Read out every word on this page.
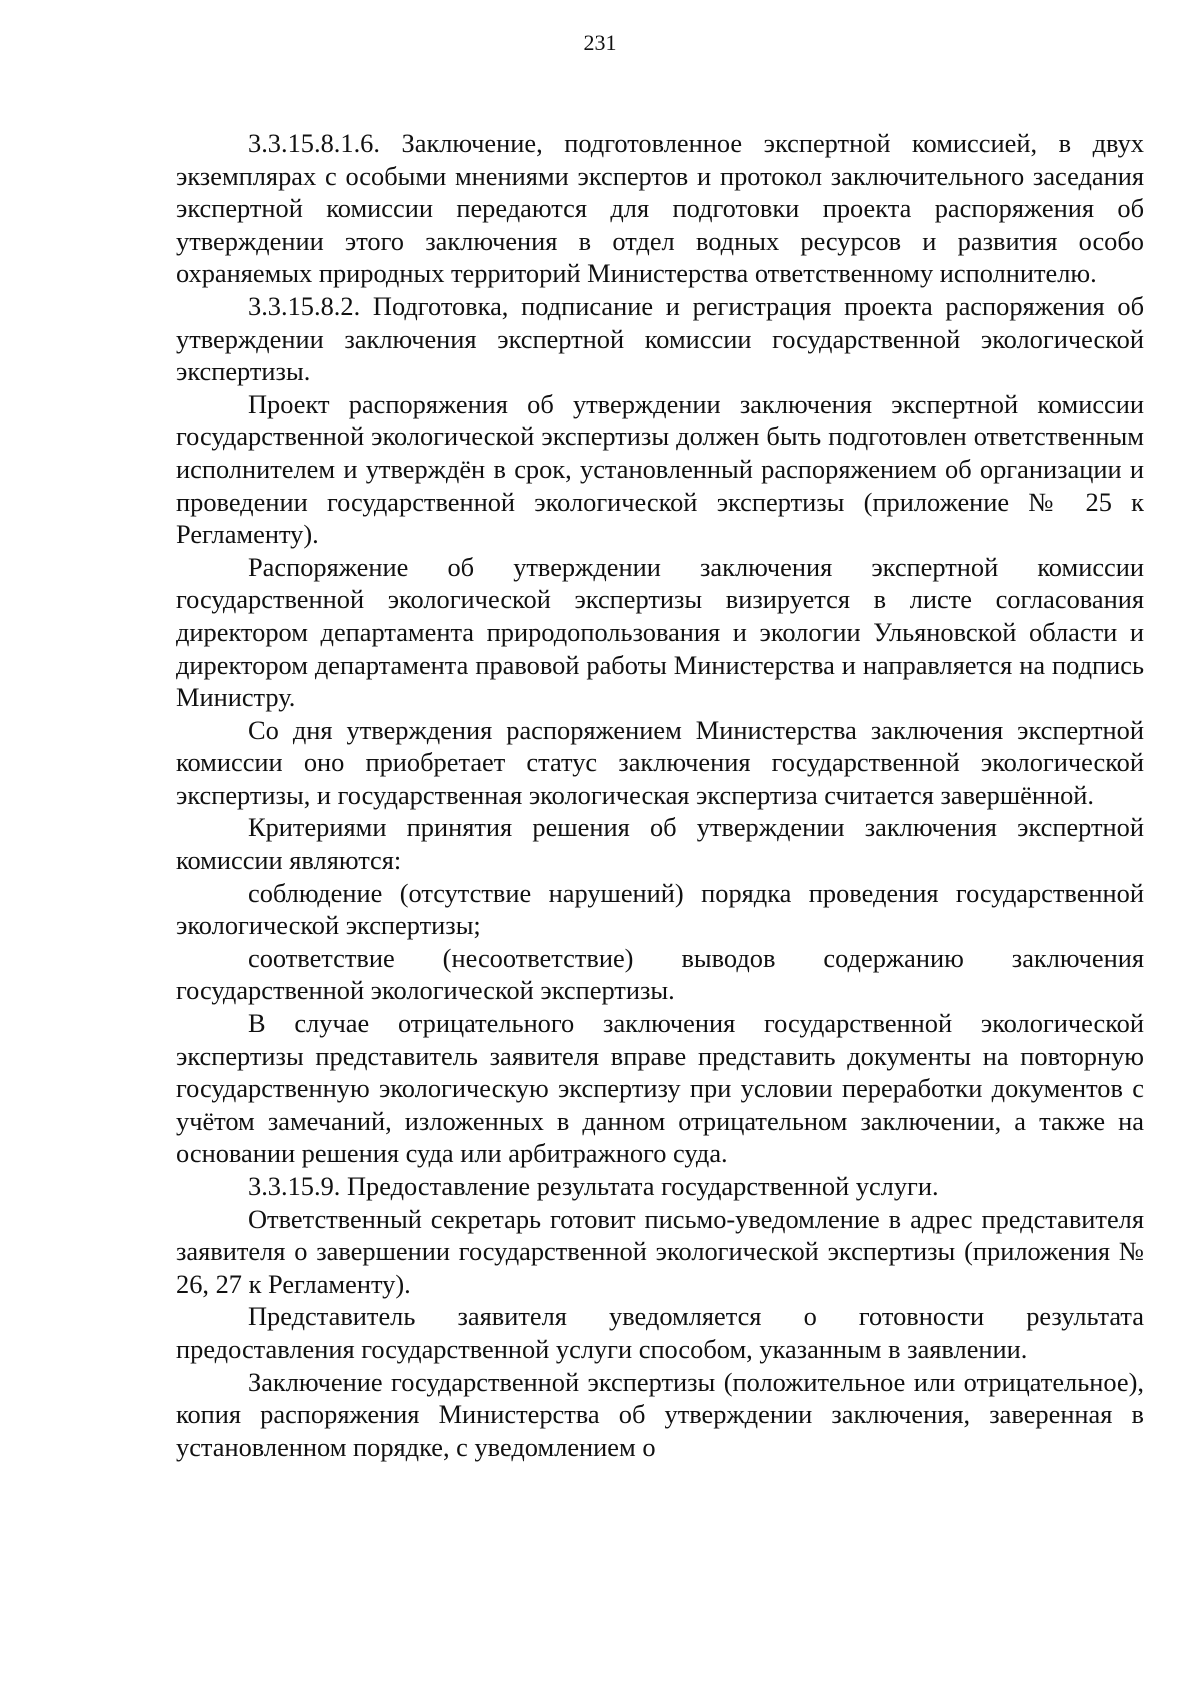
231

3.3.15.8.1.6. Заключение, подготовленное экспертной комиссией, в двух экземплярах с особыми мнениями экспертов и протокол заключительного заседания экспертной комиссии передаются для подготовки проекта распоряжения об утверждении этого заключения в отдел водных ресурсов и развития особо охраняемых природных территорий Министерства ответственному исполнителю.

3.3.15.8.2. Подготовка, подписание и регистрация проекта распоряжения об утверждении заключения экспертной комиссии государственной экологической экспертизы.

Проект распоряжения об утверждении заключения экспертной комиссии государственной экологической экспертизы должен быть подготовлен ответственным исполнителем и утверждён в срок, установленный распоряжением об организации и проведении государственной экологической экспертизы (приложение № 25 к Регламенту).

Распоряжение об утверждении заключения экспертной комиссии государственной экологической экспертизы визируется в листе согласования директором департамента природопользования и экологии Ульяновской области и директором департамента правовой работы Министерства и направляется на подпись Министру.

Со дня утверждения распоряжением Министерства заключения экспертной комиссии оно приобретает статус заключения государственной экологической экспертизы, и государственная экологическая экспертиза считается завершённой.

Критериями принятия решения об утверждении заключения экспертной комиссии являются:

соблюдение (отсутствие нарушений) порядка проведения государственной экологической экспертизы;

соответствие (несоответствие) выводов содержанию заключения государственной экологической экспертизы.

В случае отрицательного заключения государственной экологической экспертизы представитель заявителя вправе представить документы на повторную государственную экологическую экспертизу при условии переработки документов с учётом замечаний, изложенных в данном отрицательном заключении, а также на основании решения суда или арбитражного суда.

3.3.15.9. Предоставление результата государственной услуги.

Ответственный секретарь готовит письмо-уведомление в адрес представителя заявителя о завершении государственной экологической экспертизы (приложения № 26, 27 к Регламенту).

Представитель заявителя уведомляется о готовности результата предоставления государственной услуги способом, указанным в заявлении.

Заключение государственной экспертизы (положительное или отрицательное), копия распоряжения Министерства об утверждении заключения, заверенная в установленном порядке, с уведомлением о
